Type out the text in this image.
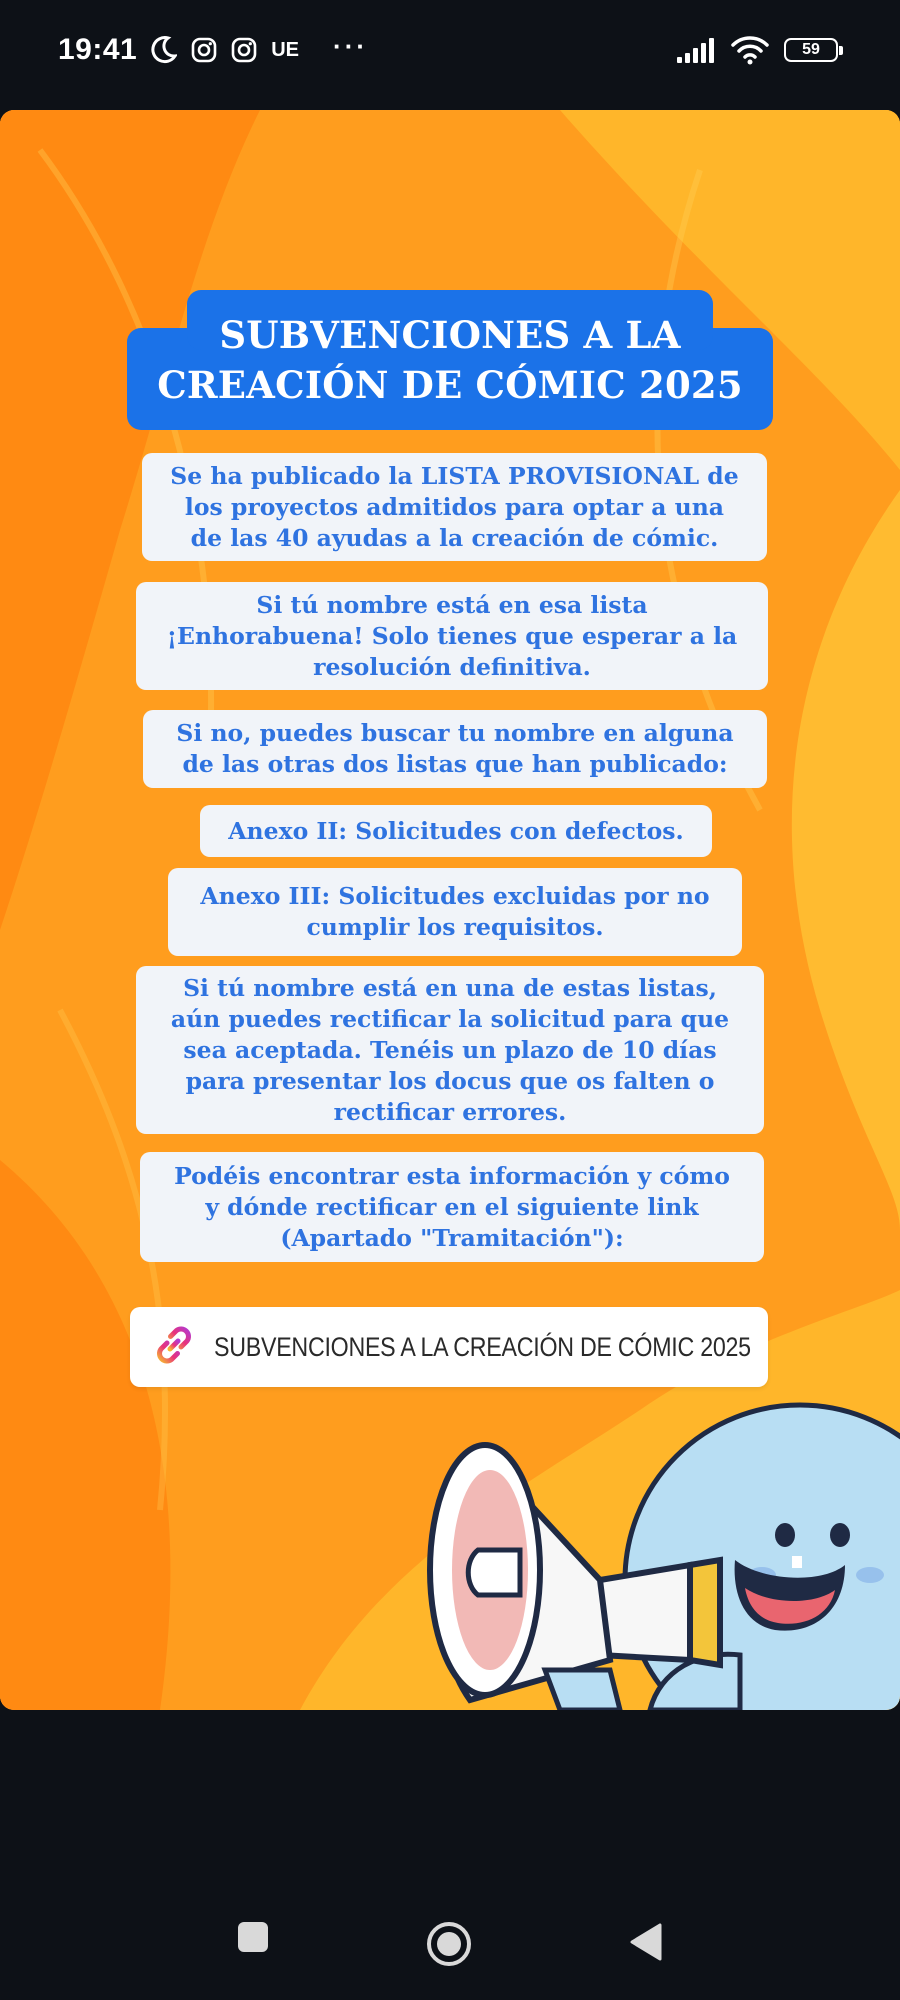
19:41	UE ···	59
SUBVENCIONES A LA
CREACIÓN DE CÓMIC 2025
Se ha publicado la LISTA PROVISIONAL de
los proyectos admitidos para optar a una
de las 40 ayudas a la creación de cómic.
Si tú nombre está en esa lista
¡Enhorabuena! Solo tienes que esperar a la
resolución definitiva.
Si no, puedes buscar tu nombre en alguna
de las otras dos listas que han publicado:
Anexo II: Solicitudes con defectos.
Anexo III: Solicitudes excluidas por no
cumplir los requisitos.
Si tú nombre está en una de estas listas,
aún puedes rectificar la solicitud para que
sea aceptada. Tenéis un plazo de 10 días
para presentar los docus que os falten o
rectificar errores.
Podéis encontrar esta información y cómo
y dónde rectificar en el siguiente link
(Apartado "Tramitación"):
SUBVENCIONES A LA CREACIÓN DE CÓMIC 2025
